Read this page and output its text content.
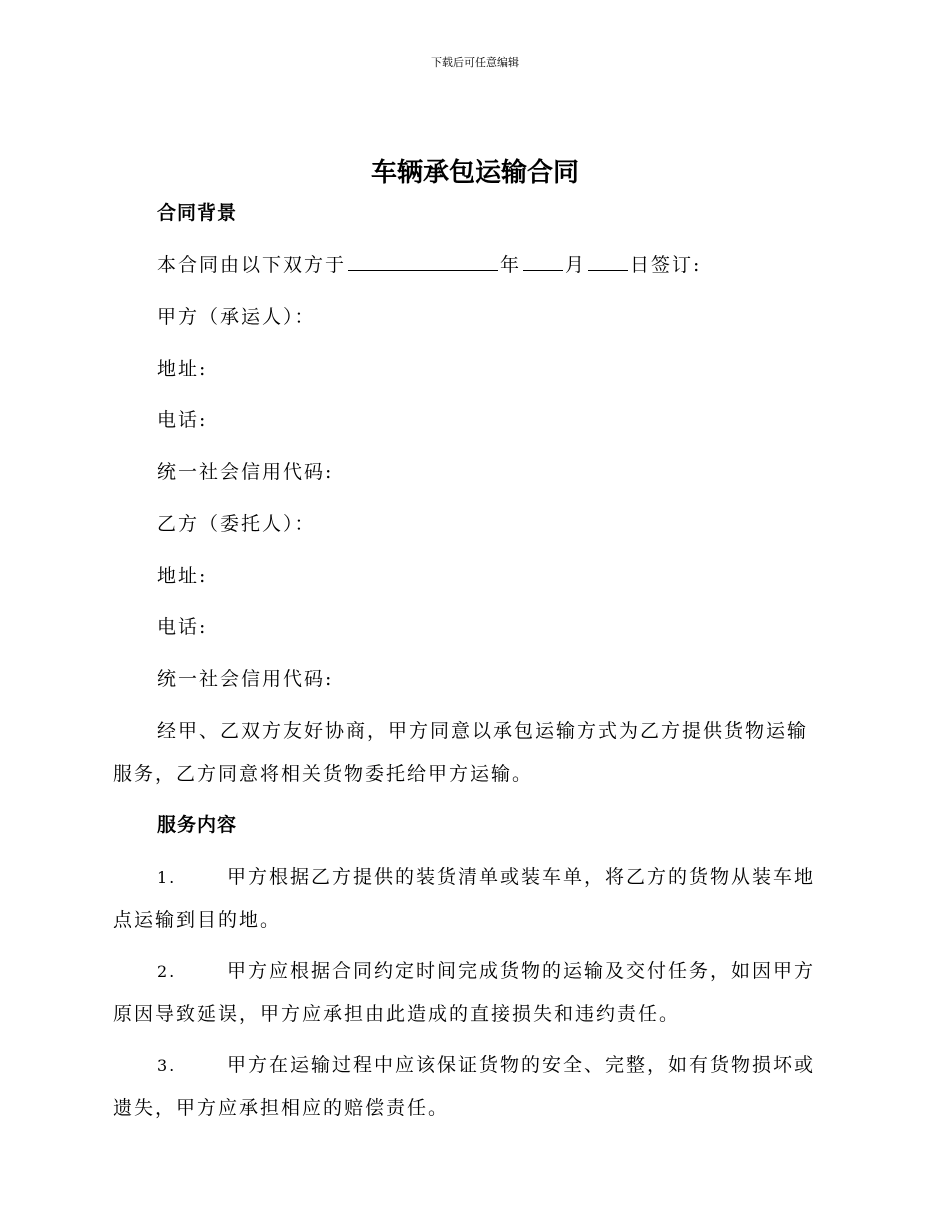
下载后可任意编辑
车辆承包运输合同
合同背景
本合同由以下双方于	年 月 日签订:
甲方（承运人）：
地址:
电话:
统一社会信用代码:
乙方（委托人）：
地址:
电话:
统一社会信用代码:
经甲、乙双方友好协商，甲方同意以承包运输方式为乙方提供货物运输
服务，乙方同意将相关货物委托给甲方运输。
服务内容
1.	甲方根据乙方提供的装货清单或装车单，将乙方的货物从装车地
点运输到目的地。
2.	甲方应根据合同约定时间完成货物的运输及交付任务，如因甲方
原因导致延误，甲方应承担由此造成的直接损失和违约责任。
3.	甲方在运输过程中应该保证货物的安全、完整，如有货物损坏或
遗失，甲方应承担相应的赔偿责任。
